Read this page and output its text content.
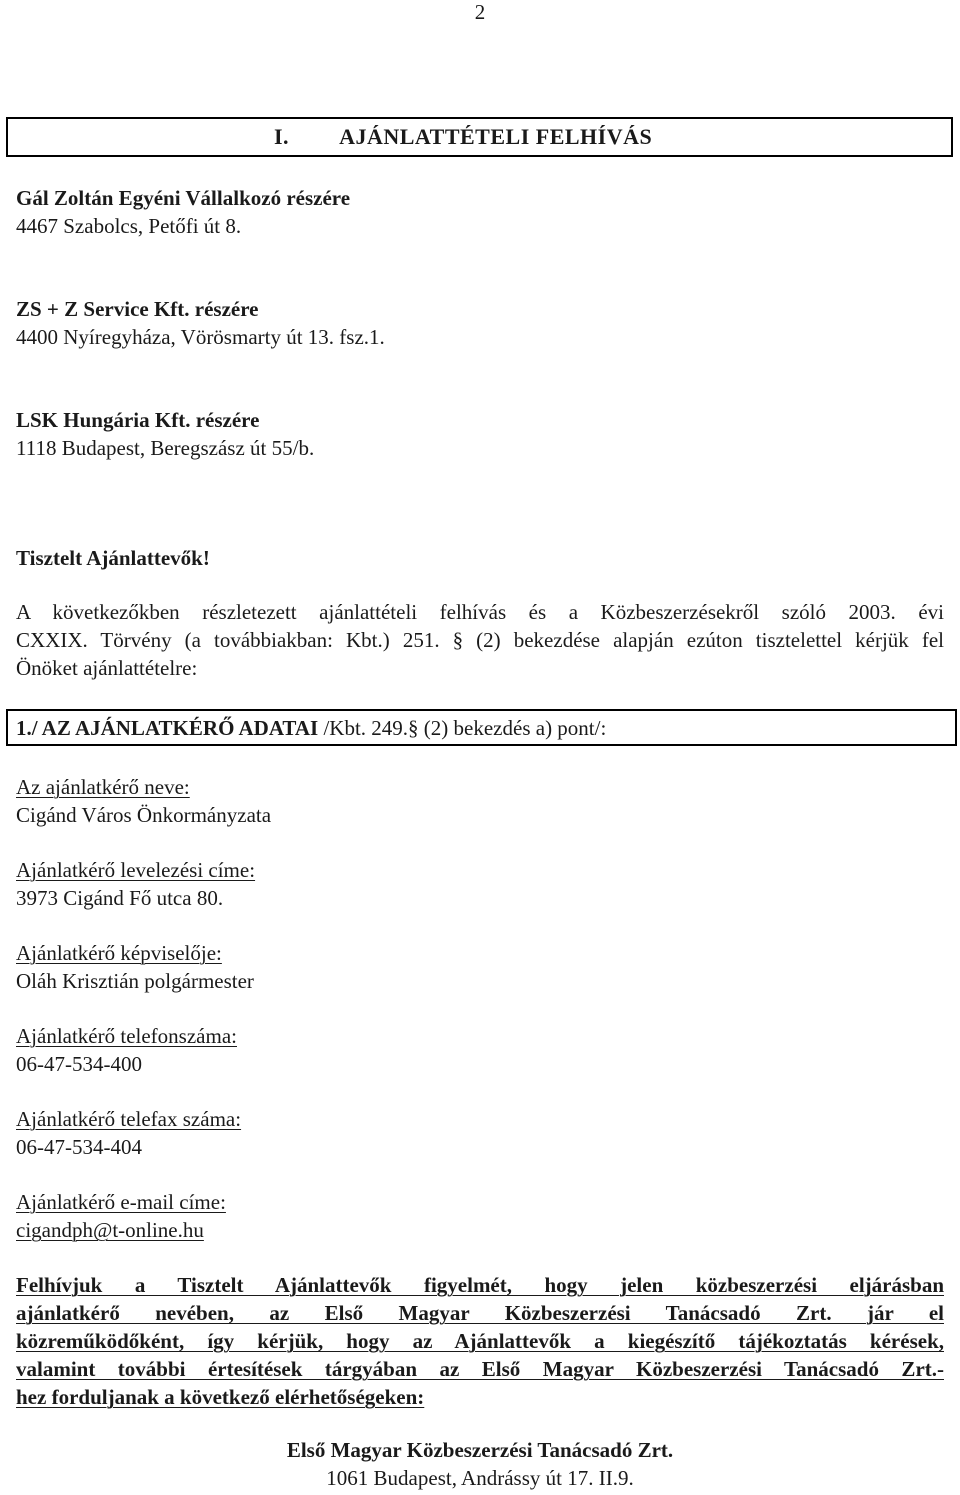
2
I. AJÁNLATTÉTELI FELHÍVÁS
Gál Zoltán Egyéni Vállalkozó részére
4467 Szabolcs, Petőfi út 8.
ZS + Z Service Kft. részére
4400 Nyíregyháza, Vörösmarty út 13. fsz.1.
LSK Hungária Kft. részére
1118 Budapest, Beregszász út 55/b.
Tisztelt Ajánlattevők!
A következőkben részletezett ajánlattételi felhívás és a Közbeszerzésekről szóló 2003. évi
CXXIX. Törvény (a továbbiakban: Kbt.) 251. § (2) bekezdése alapján ezúton tisztelettel kérjük fel
Önöket ajánlattételre:
1./ AZ AJÁNLATKÉRŐ ADATAI /Kbt. 249.§ (2) bekezdés a) pont/:
Az ajánlatkérő neve:
Cigánd Város Önkormányzata
Ajánlatkérő levelezési címe:
3973 Cigánd Fő utca 80.
Ajánlatkérő képviselője:
Oláh Krisztián polgármester
Ajánlatkérő telefonszáma:
06-47-534-400
Ajánlatkérő telefax száma:
06-47-534-404
Ajánlatkérő e-mail címe:
cigandph@t-online.hu
Felhívjuk a Tisztelt Ajánlattevők figyelmét, hogy jelen közbeszerzési eljárásban
ajánlatkérő nevében, az Első Magyar Közbeszerzési Tanácsadó Zrt. jár el
közreműködőként, így kérjük, hogy az Ajánlattevők a kiegészítő tájékoztatás kérések,
valamint további értesítések tárgyában az Első Magyar Közbeszerzési Tanácsadó Zrt.-
hez forduljanak a következő elérhetőségeken:
Első Magyar Közbeszerzési Tanácsadó Zrt.
1061 Budapest, Andrássy út 17. II.9.
